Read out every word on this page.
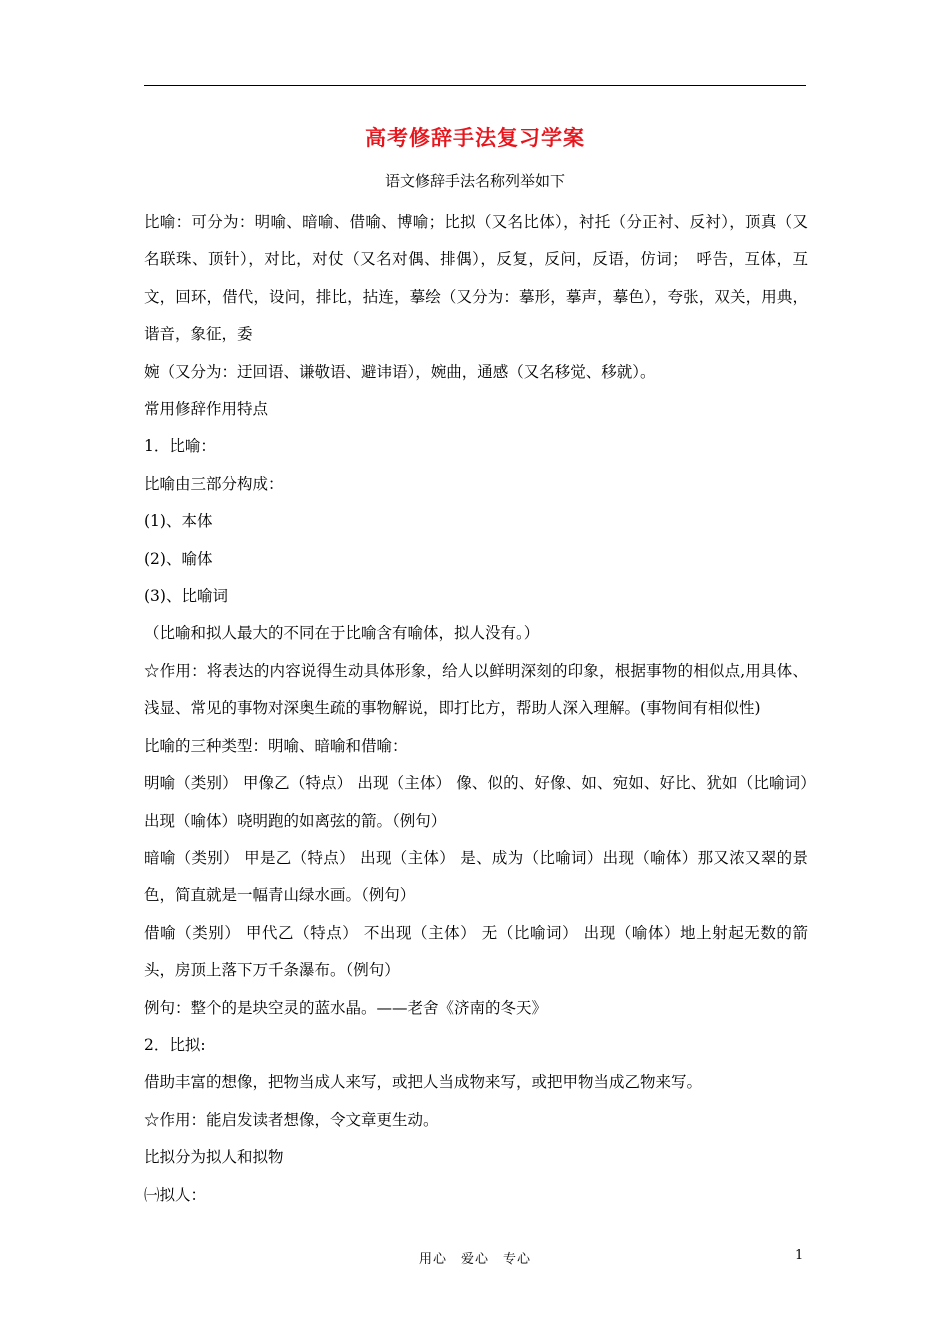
高考修辞手法复习学案
语文修辞手法名称列举如下

比喻：可分为：明喻、暗喻、借喻、博喻；比拟（又名比体），衬托（分正衬、反衬），顶真（又名联珠、顶针），对比，对仗（又名对偶、排偶），反复，反问，反语，仿词；　呼告，互体，互文，回环，借代，设问，排比，拈连，摹绘（又分为：摹形，摹声，摹色），夸张，双关，用典，谐音，象征，委

婉（又分为：迂回语、谦敬语、避讳语），婉曲，通感（又名移觉、移就）。

常用修辞作用特点

1．比喻：

比喻由三部分构成：

(1)、本体

(2)、喻体

(3)、比喻词

（比喻和拟人最大的不同在于比喻含有喻体，拟人没有。）

☆作用：将表达的内容说得生动具体形象，给人以鲜明深刻的印象，根据事物的相似点,用具体、浅显、常见的事物对深奥生疏的事物解说，即打比方，帮助人深入理解。(事物间有相似性)

比喻的三种类型：明喻、暗喻和借喻：

明喻（类别） 甲像乙（特点） 出现（主体） 像、似的、好像、如、宛如、好比、犹如（比喻词）出现（喻体）哓明跑的如离弦的箭。（例句）

暗喻（类别） 甲是乙（特点） 出现（主体） 是、成为（比喻词）出现（喻体）那又浓又翠的景色，简直就是一幅青山绿水画。（例句）

借喻（类别） 甲代乙（特点） 不出现（主体） 无（比喻词） 出现（喻体）地上射起无数的箭头，房顶上落下万千条瀑布。（例句）

例句：整个的是块空灵的蓝水晶。——老舍《济南的冬天》

2．比拟:

借助丰富的想像，把物当成人来写，或把人当成物来写，或把甲物当成乙物来写。

☆作用：能启发读者想像，令文章更生动。

比拟分为拟人和拟物

㈠拟人：

用心　爱心　专心	1
